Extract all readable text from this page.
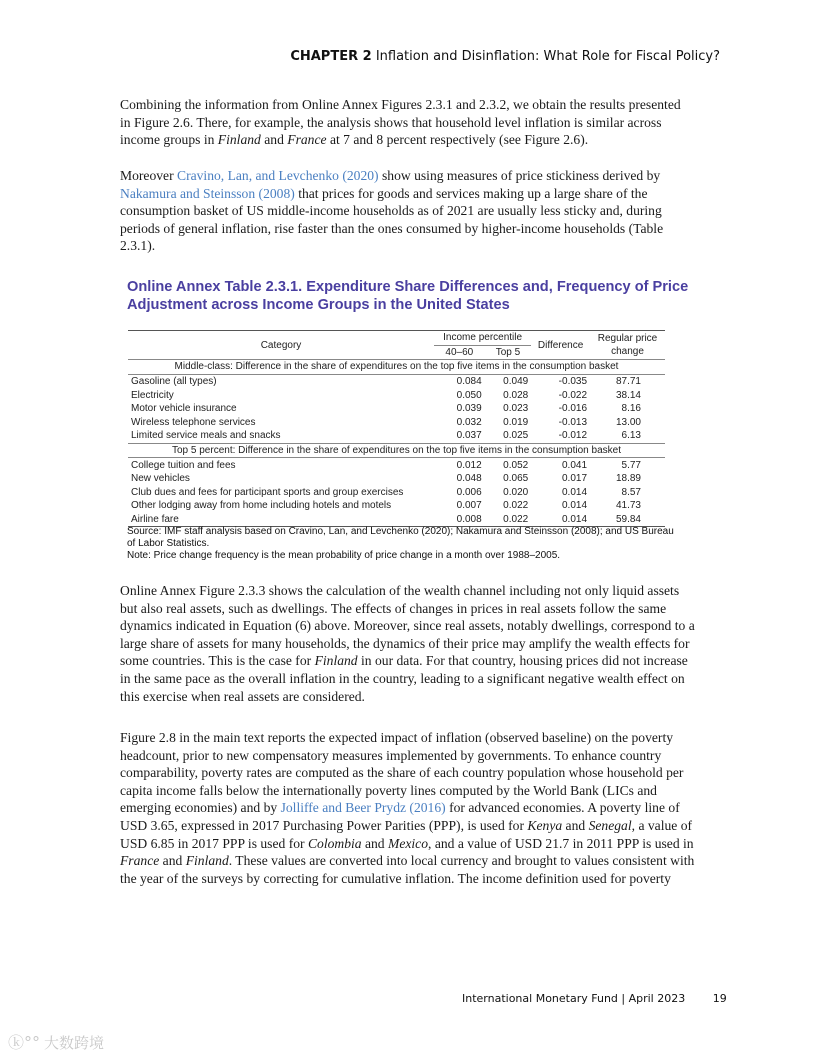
CHAPTER 2 Inflation and Disinflation: What Role for Fiscal Policy?
Combining the information from Online Annex Figures 2.3.1 and 2.3.2, we obtain the results presented
in Figure 2.6. There, for example, the analysis shows that household level inflation is similar across
income groups in Finland and France at 7 and 8 percent respectively (see Figure 2.6).
Moreover Cravino, Lan, and Levchenko (2020) show using measures of price stickiness derived by
Nakamura and Steinsson (2008) that prices for goods and services making up a large share of the
consumption basket of US middle-income households as of 2021 are usually less sticky and, during
periods of general inflation, rise faster than the ones consumed by higher-income households (Table
2.3.1).
Online Annex Table 2.3.1. Expenditure Share Differences and, Frequency of Price
Adjustment across Income Groups in the United States
Category	Income percentile		Difference	Regular price
change

	40–60	Top 5		
Middle-class: Difference in the share of expenditures on the top five items in the consumption basket				
Gasoline (all types)	0.084	0.049	-0.035	87.71
Electricity	0.050	0.028	-0.022	38.14
Motor vehicle insurance	0.039	0.023	-0.016	8.16
Wireless telephone services	0.032	0.019	-0.013	13.00
Limited service meals and snacks	0.037	0.025	-0.012	6.13
Top 5 percent: Difference in the share of expenditures on the top five items in the consumption basket				
College tuition and fees	0.012	0.052	0.041	5.77
New vehicles	0.048	0.065	0.017	18.89
Club dues and fees for participant sports and group exercises	0.006	0.020	0.014	8.57
Other lodging away from home including hotels and motels	0.007	0.022	0.014	41.73
Airline fare	0.008	0.022	0.014	59.84
Source: IMF staff analysis based on Cravino, Lan, and Levchenko (2020); Nakamura and Steinsson (2008); and US Bureau
of Labor Statistics.
Note: Price change frequency is the mean probability of price change in a month over 1988–2005.
Online Annex Figure 2.3.3 shows the calculation of the wealth channel including not only liquid assets
but also real assets, such as dwellings. The effects of changes in prices in real assets follow the same
dynamics indicated in Equation (6) above. Moreover, since real assets, notably dwellings, correspond to a
large share of assets for many households, the dynamics of their price may amplify the wealth effects for
some countries. This is the case for Finland in our data. For that country, housing prices did not increase
in the same pace as the overall inflation in the country, leading to a significant negative wealth effect on
this exercise when real assets are considered.
Figure 2.8 in the main text reports the expected impact of inflation (observed baseline) on the poverty
headcount, prior to new compensatory measures implemented by governments. To enhance country
comparability, poverty rates are computed as the share of each country population whose household per
capita income falls below the internationally poverty lines computed by the World Bank (LICs and
emerging economies) and by Jolliffe and Beer Prydz (2016) for advanced economies. A poverty line of
USD 3.65, expressed in 2017 Purchasing Power Parities (PPP), is used for Kenya and Senegal, a value of
USD 6.85 in 2017 PPP is used for Colombia and Mexico, and a value of USD 21.7 in 2011 PPP is used in
France and Finland. These values are converted into local currency and brought to values consistent with
the year of the surveys by correcting for cumulative inflation. The income definition used for poverty
International Monetary Fund | April 2023	19
ⓚ°° 大数跨境
